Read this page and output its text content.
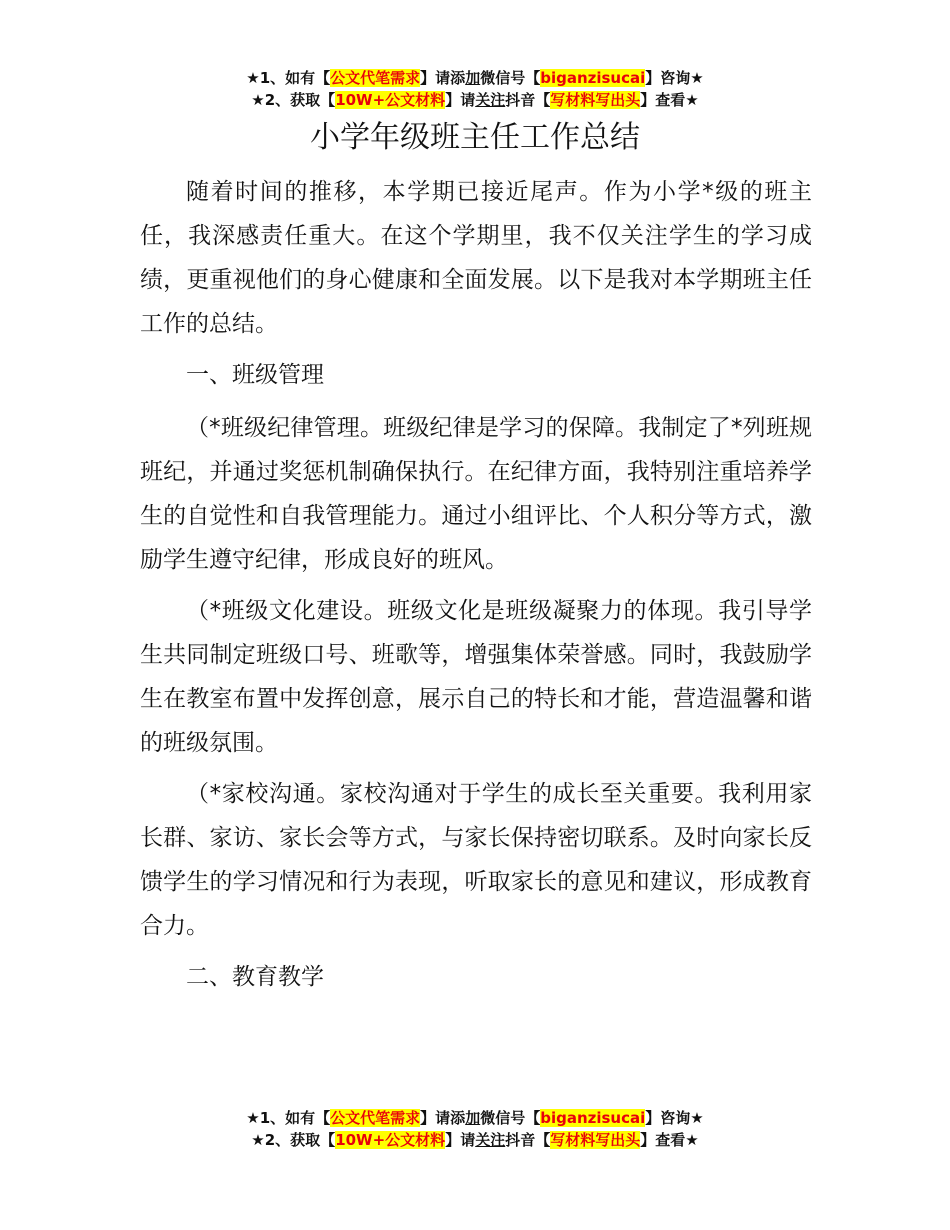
★1、如有【公文代笔需求】请添加微信号【biganzisucai】咨询★
★2、获取【10W+公文材料】请关注抖音【写材料写出头】查看★
小学年级班主任工作总结

随着时间的推移，本学期已接近尾声。作为小学*级的班主任，我深感责任重大。在这个学期里，我不仅关注学生的学习成绩，更重视他们的身心健康和全面发展。以下是我对本学期班主任工作的总结。

一、班级管理

（*班级纪律管理。班级纪律是学习的保障。我制定了*列班规班纪，并通过奖惩机制确保执行。在纪律方面，我特别注重培养学生的自觉性和自我管理能力。通过小组评比、个人积分等方式，激励学生遵守纪律，形成良好的班风。

（*班级文化建设。班级文化是班级凝聚力的体现。我引导学生共同制定班级口号、班歌等，增强集体荣誉感。同时，我鼓励学生在教室布置中发挥创意，展示自己的特长和才能，营造温馨和谐的班级氛围。

（*家校沟通。家校沟通对于学生的成长至关重要。我利用家长群、家访、家长会等方式，与家长保持密切联系。及时向家长反馈学生的学习情况和行为表现，听取家长的意见和建议，形成教育合力。

二、教育教学

★1、如有【公文代笔需求】请添加微信号【biganzisucai】咨询★
★2、获取【10W+公文材料】请关注抖音【写材料写出头】查看★
